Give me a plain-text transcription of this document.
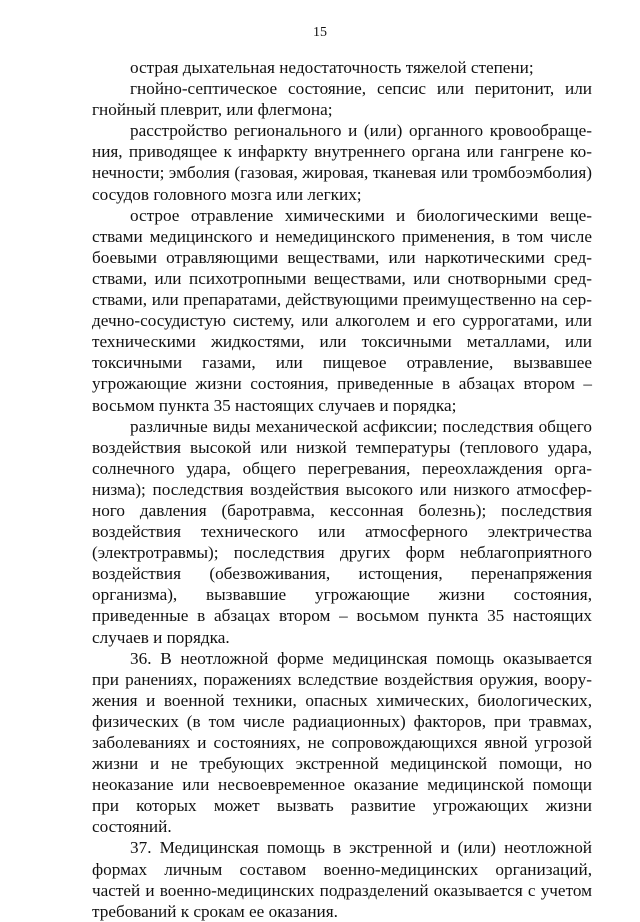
15

острая дыхательная недостаточность тяжелой степени;

гнойно-септическое состояние, сепсис или перитонит, или гнойный плеврит, или флегмона;

расстройство регионального и (или) органного кровообращения, приводящее к инфаркту внутреннего органа или гангрене конечности; эмболия (газовая, жировая, тканевая или тромбоэмболия) сосудов головного мозга или легких;

острое отравление химическими и биологическими веществами медицинского и немедицинского применения, в том числе боевыми отравляющими веществами, или наркотическими средствами, или психотропными веществами, или снотворными средствами, или препаратами, действующими преимущественно на сердечно-сосудистую систему, или алкоголем и его суррогатами, или техническими жидкостями, или токсичными металлами, или токсичными газами, или пищевое отравление, вызвавшее угрожающие жизни состояния, приведенные в абзацах втором – восьмом пункта 35 настоящих случаев и порядка;

различные виды механической асфиксии; последствия общего воздействия высокой или низкой температуры (теплового удара, солнечного удара, общего перегревания, переохлаждения организма); последствия воздействия высокого или низкого атмосферного давления (баротравма, кессонная болезнь); последствия воздействия технического или атмосферного электричества (электротравмы); последствия других форм неблагоприятного воздействия (обезвоживания, истощения, перенапряжения организма), вызвавшие угрожающие жизни состояния, приведенные в абзацах втором – восьмом пункта 35 настоящих случаев и порядка.

36. В неотложной форме медицинская помощь оказывается при ранениях, поражениях вследствие воздействия оружия, вооружения и военной техники, опасных химических, биологических, физических (в том числе радиационных) факторов, при травмах, заболеваниях и состояниях, не сопровождающихся явной угрозой жизни и не требующих экстренной медицинской помощи, но неоказание или несвоевременное оказание медицинской помощи при которых может вызвать развитие угрожающих жизни состояний.

37. Медицинская помощь в экстренной и (или) неотложной формах личным составом военно-медицинских организаций, частей и военно-медицинских подразделений оказывается с учетом требований к срокам ее оказания.
